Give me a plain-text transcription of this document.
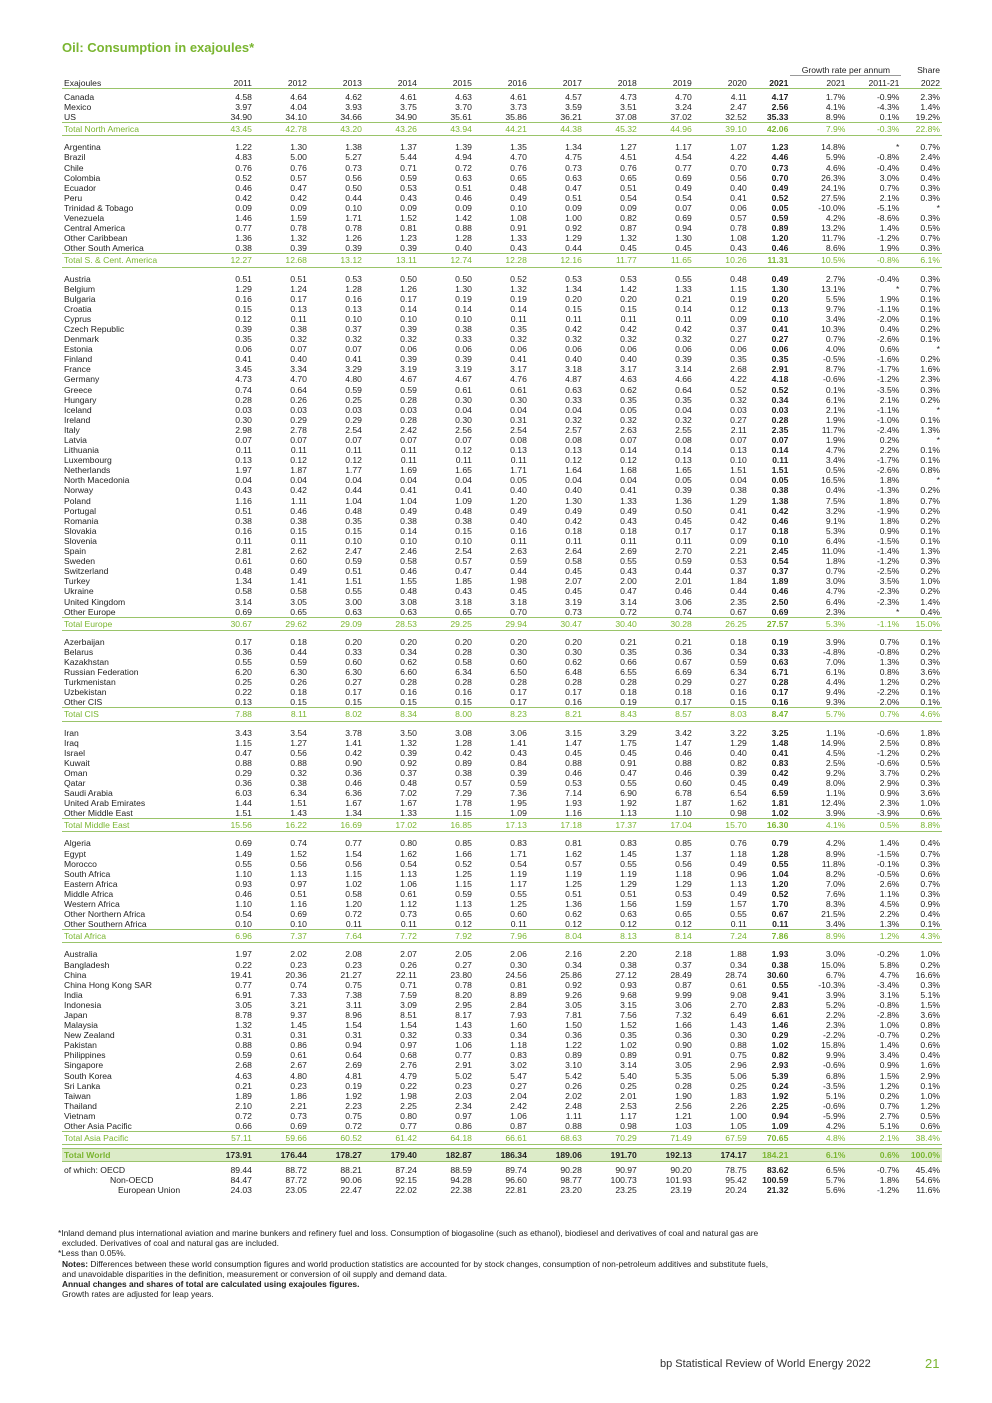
Oil: Consumption in exajoules*
												Growth rate per annum		Share
Exajoules	2011	2012	2013	2014	2015	2016	2017	2018	2019	2020	2021	2021	2011-21	2022
Canada	4.58	4.64	4.62	4.61	4.63	4.61	4.57	4.73	4.70	4.11	4.17	1.7%	-0.9%	2.3%
Mexico	3.97	4.04	3.93	3.75	3.70	3.73	3.59	3.51	3.24	2.47	2.56	4.1%	-4.3%	1.4%
US	34.90	34.10	34.66	34.90	35.61	35.86	36.21	37.08	37.02	32.52	35.33	8.9%	0.1%	19.2%
Total North America	43.45	42.78	43.20	43.26	43.94	44.21	44.38	45.32	44.96	39.10	42.06	7.9%	-0.3%	22.8%

Argentina	1.22	1.30	1.38	1.37	1.39	1.35	1.34	1.27	1.17	1.07	1.23	14.8%	*	0.7%
Brazil	4.83	5.00	5.27	5.44	4.94	4.70	4.75	4.51	4.54	4.22	4.46	5.9%	-0.8%	2.4%
Chile	0.76	0.76	0.73	0.71	0.72	0.76	0.73	0.76	0.77	0.70	0.73	4.6%	-0.4%	0.4%
Colombia	0.52	0.57	0.56	0.59	0.63	0.65	0.63	0.65	0.69	0.56	0.70	26.3%	3.0%	0.4%
Ecuador	0.46	0.47	0.50	0.53	0.51	0.48	0.47	0.51	0.49	0.40	0.49	24.1%	0.7%	0.3%
Peru	0.42	0.42	0.44	0.43	0.46	0.49	0.51	0.54	0.54	0.41	0.52	27.5%	2.1%	0.3%
Trinidad & Tobago	0.09	0.09	0.10	0.09	0.09	0.10	0.09	0.09	0.07	0.06	0.05	-10.0%	-5.1%	*
Venezuela	1.46	1.59	1.71	1.52	1.42	1.08	1.00	0.82	0.69	0.57	0.59	4.2%	-8.6%	0.3%
Central America	0.77	0.78	0.78	0.81	0.88	0.91	0.92	0.87	0.94	0.78	0.89	13.2%	1.4%	0.5%
Other Caribbean	1.36	1.32	1.26	1.23	1.28	1.33	1.29	1.32	1.30	1.08	1.20	11.7%	-1.2%	0.7%
Other South America	0.38	0.39	0.39	0.39	0.40	0.43	0.44	0.45	0.45	0.43	0.46	8.6%	1.9%	0.3%
Total S. & Cent. America	12.27	12.68	13.12	13.11	12.74	12.28	12.16	11.77	11.65	10.26	11.31	10.5%	-0.8%	6.1%

Austria	0.51	0.51	0.53	0.50	0.50	0.52	0.53	0.53	0.55	0.48	0.49	2.7%	-0.4%	0.3%
Belgium	1.29	1.24	1.28	1.26	1.30	1.32	1.34	1.42	1.33	1.15	1.30	13.1%	*	0.7%
Bulgaria	0.16	0.17	0.16	0.17	0.19	0.19	0.20	0.20	0.21	0.19	0.20	5.5%	1.9%	0.1%
Croatia	0.15	0.13	0.13	0.14	0.14	0.14	0.15	0.15	0.14	0.12	0.13	9.7%	-1.1%	0.1%
Cyprus	0.12	0.11	0.10	0.10	0.10	0.11	0.11	0.11	0.11	0.09	0.10	3.4%	-2.0%	0.1%
Czech Republic	0.39	0.38	0.37	0.39	0.38	0.35	0.42	0.42	0.42	0.37	0.41	10.3%	0.4%	0.2%
Denmark	0.35	0.32	0.32	0.32	0.33	0.32	0.32	0.32	0.32	0.27	0.27	0.7%	-2.6%	0.1%
Estonia	0.06	0.07	0.07	0.06	0.06	0.06	0.06	0.06	0.06	0.06	0.06	4.0%	0.6%	*
Finland	0.41	0.40	0.41	0.39	0.39	0.41	0.40	0.40	0.39	0.35	0.35	-0.5%	-1.6%	0.2%
France	3.45	3.34	3.29	3.19	3.19	3.17	3.18	3.17	3.14	2.68	2.91	8.7%	-1.7%	1.6%
Germany	4.73	4.70	4.80	4.67	4.67	4.76	4.87	4.63	4.66	4.22	4.18	-0.6%	-1.2%	2.3%
Greece	0.74	0.64	0.59	0.59	0.61	0.61	0.63	0.62	0.64	0.52	0.52	0.1%	-3.5%	0.3%
Hungary	0.28	0.26	0.25	0.28	0.30	0.30	0.33	0.35	0.35	0.32	0.34	6.1%	2.1%	0.2%
Iceland	0.03	0.03	0.03	0.03	0.04	0.04	0.04	0.05	0.04	0.03	0.03	2.1%	-1.1%	*
Ireland	0.30	0.29	0.29	0.28	0.30	0.31	0.32	0.32	0.32	0.27	0.28	1.9%	-1.0%	0.1%
Italy	2.98	2.78	2.54	2.42	2.56	2.54	2.57	2.63	2.55	2.11	2.35	11.7%	-2.4%	1.3%
Latvia	0.07	0.07	0.07	0.07	0.07	0.08	0.08	0.07	0.08	0.07	0.07	1.9%	0.2%	*
Lithuania	0.11	0.11	0.11	0.11	0.12	0.13	0.13	0.14	0.14	0.13	0.14	4.7%	2.2%	0.1%
Luxembourg	0.13	0.12	0.12	0.11	0.11	0.11	0.12	0.12	0.13	0.10	0.11	3.4%	-1.7%	0.1%
Netherlands	1.97	1.87	1.77	1.69	1.65	1.71	1.64	1.68	1.65	1.51	1.51	0.5%	-2.6%	0.8%
North Macedonia	0.04	0.04	0.04	0.04	0.04	0.05	0.04	0.04	0.05	0.04	0.05	16.5%	1.8%	*
Norway	0.43	0.42	0.44	0.41	0.41	0.40	0.40	0.41	0.39	0.38	0.38	0.4%	-1.3%	0.2%
Poland	1.16	1.11	1.04	1.04	1.09	1.20	1.30	1.33	1.36	1.29	1.38	7.5%	1.8%	0.7%
Portugal	0.51	0.46	0.48	0.49	0.48	0.49	0.49	0.49	0.50	0.41	0.42	3.2%	-1.9%	0.2%
Romania	0.38	0.38	0.35	0.38	0.38	0.40	0.42	0.43	0.45	0.42	0.46	9.1%	1.8%	0.2%
Slovakia	0.16	0.15	0.15	0.14	0.15	0.16	0.18	0.18	0.17	0.17	0.18	5.3%	0.9%	0.1%
Slovenia	0.11	0.11	0.10	0.10	0.10	0.11	0.11	0.11	0.11	0.09	0.10	6.4%	-1.5%	0.1%
Spain	2.81	2.62	2.47	2.46	2.54	2.63	2.64	2.69	2.70	2.21	2.45	11.0%	-1.4%	1.3%
Sweden	0.61	0.60	0.59	0.58	0.57	0.59	0.58	0.55	0.59	0.53	0.54	1.8%	-1.2%	0.3%
Switzerland	0.48	0.49	0.51	0.46	0.47	0.44	0.45	0.43	0.44	0.37	0.37	0.7%	-2.5%	0.2%
Turkey	1.34	1.41	1.51	1.55	1.85	1.98	2.07	2.00	2.01	1.84	1.89	3.0%	3.5%	1.0%
Ukraine	0.58	0.58	0.55	0.48	0.43	0.45	0.45	0.47	0.46	0.44	0.46	4.7%	-2.3%	0.2%
United Kingdom	3.14	3.05	3.00	3.08	3.18	3.18	3.19	3.14	3.06	2.35	2.50	6.4%	-2.3%	1.4%
Other Europe	0.69	0.65	0.63	0.63	0.65	0.70	0.73	0.72	0.74	0.67	0.69	2.3%	*	0.4%
Total Europe	30.67	29.62	29.09	28.53	29.25	29.94	30.47	30.40	30.28	26.25	27.57	5.3%	-1.1%	15.0%

Azerbaijan	0.17	0.18	0.20	0.20	0.20	0.20	0.20	0.21	0.21	0.18	0.19	3.9%	0.7%	0.1%
Belarus	0.36	0.44	0.33	0.34	0.28	0.30	0.30	0.35	0.36	0.34	0.33	-4.8%	-0.8%	0.2%
Kazakhstan	0.55	0.59	0.60	0.62	0.58	0.60	0.62	0.66	0.67	0.59	0.63	7.0%	1.3%	0.3%
Russian Federation	6.20	6.30	6.30	6.60	6.34	6.50	6.48	6.55	6.69	6.34	6.71	6.1%	0.8%	3.6%
Turkmenistan	0.25	0.26	0.27	0.28	0.28	0.28	0.28	0.28	0.29	0.27	0.28	4.4%	1.2%	0.2%
Uzbekistan	0.22	0.18	0.17	0.16	0.16	0.17	0.17	0.18	0.18	0.16	0.17	9.4%	-2.2%	0.1%
Other CIS	0.13	0.15	0.15	0.15	0.15	0.17	0.16	0.19	0.17	0.15	0.16	9.3%	2.0%	0.1%
Total CIS	7.88	8.11	8.02	8.34	8.00	8.23	8.21	8.43	8.57	8.03	8.47	5.7%	0.7%	4.6%

Iran	3.43	3.54	3.78	3.50	3.08	3.06	3.15	3.29	3.42	3.22	3.25	1.1%	-0.6%	1.8%
Iraq	1.15	1.27	1.41	1.32	1.28	1.41	1.47	1.75	1.47	1.29	1.48	14.9%	2.5%	0.8%
Israel	0.47	0.56	0.42	0.39	0.42	0.43	0.45	0.45	0.46	0.40	0.41	4.5%	-1.2%	0.2%
Kuwait	0.88	0.88	0.90	0.92	0.89	0.84	0.88	0.91	0.88	0.82	0.83	2.5%	-0.6%	0.5%
Oman	0.29	0.32	0.36	0.37	0.38	0.39	0.46	0.47	0.46	0.39	0.42	9.2%	3.7%	0.2%
Qatar	0.36	0.38	0.46	0.48	0.57	0.59	0.53	0.55	0.60	0.45	0.49	8.0%	2.9%	0.3%
Saudi Arabia	6.03	6.34	6.36	7.02	7.29	7.36	7.14	6.90	6.78	6.54	6.59	1.1%	0.9%	3.6%
United Arab Emirates	1.44	1.51	1.67	1.67	1.78	1.95	1.93	1.92	1.87	1.62	1.81	12.4%	2.3%	1.0%
Other Middle East	1.51	1.43	1.34	1.33	1.15	1.09	1.16	1.13	1.10	0.98	1.02	3.9%	-3.9%	0.6%
Total Middle East	15.56	16.22	16.69	17.02	16.85	17.13	17.18	17.37	17.04	15.70	16.30	4.1%	0.5%	8.8%

Algeria	0.69	0.74	0.77	0.80	0.85	0.83	0.81	0.83	0.85	0.76	0.79	4.2%	1.4%	0.4%
Egypt	1.49	1.52	1.54	1.62	1.66	1.71	1.62	1.45	1.37	1.18	1.28	8.9%	-1.5%	0.7%
Morocco	0.55	0.56	0.56	0.54	0.52	0.54	0.57	0.55	0.56	0.49	0.55	11.8%	-0.1%	0.3%
South Africa	1.10	1.13	1.15	1.13	1.25	1.19	1.19	1.19	1.18	0.96	1.04	8.2%	-0.5%	0.6%
Eastern Africa	0.93	0.97	1.02	1.06	1.15	1.17	1.25	1.29	1.29	1.13	1.20	7.0%	2.6%	0.7%
Middle Africa	0.46	0.51	0.58	0.61	0.59	0.55	0.51	0.51	0.53	0.49	0.52	7.6%	1.1%	0.3%
Western Africa	1.10	1.16	1.20	1.12	1.13	1.25	1.36	1.56	1.59	1.57	1.70	8.3%	4.5%	0.9%
Other Northern Africa	0.54	0.69	0.72	0.73	0.65	0.60	0.62	0.63	0.65	0.55	0.67	21.5%	2.2%	0.4%
Other Southern Africa	0.10	0.10	0.11	0.11	0.12	0.11	0.12	0.12	0.12	0.11	0.11	3.4%	1.3%	0.1%
Total Africa	6.96	7.37	7.64	7.72	7.92	7.96	8.04	8.13	8.14	7.24	7.86	8.9%	1.2%	4.3%

Australia	1.97	2.02	2.08	2.07	2.05	2.06	2.16	2.20	2.18	1.88	1.93	3.0%	-0.2%	1.0%
Bangladesh	0.22	0.23	0.23	0.26	0.27	0.30	0.34	0.38	0.37	0.34	0.38	15.0%	5.8%	0.2%
China	19.41	20.36	21.27	22.11	23.80	24.56	25.86	27.12	28.49	28.74	30.60	6.7%	4.7%	16.6%
China Hong Kong SAR	0.77	0.74	0.75	0.71	0.78	0.81	0.92	0.93	0.87	0.61	0.55	-10.3%	-3.4%	0.3%
India	6.91	7.33	7.38	7.59	8.20	8.89	9.26	9.68	9.99	9.08	9.41	3.9%	3.1%	5.1%
Indonesia	3.05	3.21	3.11	3.09	2.95	2.84	3.05	3.15	3.06	2.70	2.83	5.2%	-0.8%	1.5%
Japan	8.78	9.37	8.96	8.51	8.17	7.93	7.81	7.56	7.32	6.49	6.61	2.2%	-2.8%	3.6%
Malaysia	1.32	1.45	1.54	1.54	1.43	1.60	1.50	1.52	1.66	1.43	1.46	2.3%	1.0%	0.8%
New Zealand	0.31	0.31	0.31	0.32	0.33	0.34	0.36	0.35	0.36	0.30	0.29	-2.2%	-0.7%	0.2%
Pakistan	0.88	0.86	0.94	0.97	1.06	1.18	1.22	1.02	0.90	0.88	1.02	15.8%	1.4%	0.6%
Philippines	0.59	0.61	0.64	0.68	0.77	0.83	0.89	0.89	0.91	0.75	0.82	9.9%	3.4%	0.4%
Singapore	2.68	2.67	2.69	2.76	2.91	3.02	3.10	3.14	3.05	2.96	2.93	-0.6%	0.9%	1.6%
South Korea	4.63	4.80	4.81	4.79	5.02	5.47	5.42	5.40	5.35	5.06	5.39	6.8%	1.5%	2.9%
Sri Lanka	0.21	0.23	0.19	0.22	0.23	0.27	0.26	0.25	0.28	0.25	0.24	-3.5%	1.2%	0.1%
Taiwan	1.89	1.86	1.92	1.98	2.03	2.04	2.02	2.01	1.90	1.83	1.92	5.1%	0.2%	1.0%
Thailand	2.10	2.21	2.23	2.25	2.34	2.42	2.48	2.53	2.56	2.26	2.25	-0.6%	0.7%	1.2%
Vietnam	0.72	0.73	0.75	0.80	0.97	1.06	1.11	1.17	1.21	1.00	0.94	-5.9%	2.7%	0.5%
Other Asia Pacific	0.66	0.69	0.72	0.77	0.86	0.87	0.88	0.98	1.03	1.05	1.09	4.2%	5.1%	0.6%
Total Asia Pacific	57.11	59.66	60.52	61.42	64.18	66.61	68.63	70.29	71.49	67.59	70.65	4.8%	2.1%	38.4%

Total World	173.91	176.44	178.27	179.40	182.87	186.34	189.06	191.70	192.13	174.17	184.21	6.1%	0.6%	100.0%

of which: OECD	89.44	88.72	88.21	87.24	88.59	89.74	90.28	90.97	90.20	78.75	83.62	6.5%	-0.7%	45.4%
Non-OECD	84.47	87.72	90.06	92.15	94.28	96.60	98.77	100.73	101.93	95.42	100.59	5.7%	1.8%	54.6%
European Union	24.03	23.05	22.47	22.02	22.38	22.81	23.20	23.25	23.19	20.24	21.32	5.6%	-1.2%	11.6%

*Inland demand plus international aviation and marine bunkers and refinery fuel and loss. Consumption of biogasoline (such as ethanol), biodiesel and derivatives of coal and natural gas are

excluded. Derivatives of coal and natural gas are included.

*Less than 0.05%.

Notes: Differences between these world consumption figures and world production statistics are accounted for by stock changes, consumption of non-petroleum additives and substitute fuels,

and unavoidable disparities in the definition, measurement or conversion of oil supply and demand data.

Annual changes and shares of total are calculated using exajoules figures.

Growth rates are adjusted for leap years.

bp Statistical Review of World Energy 2022	21
